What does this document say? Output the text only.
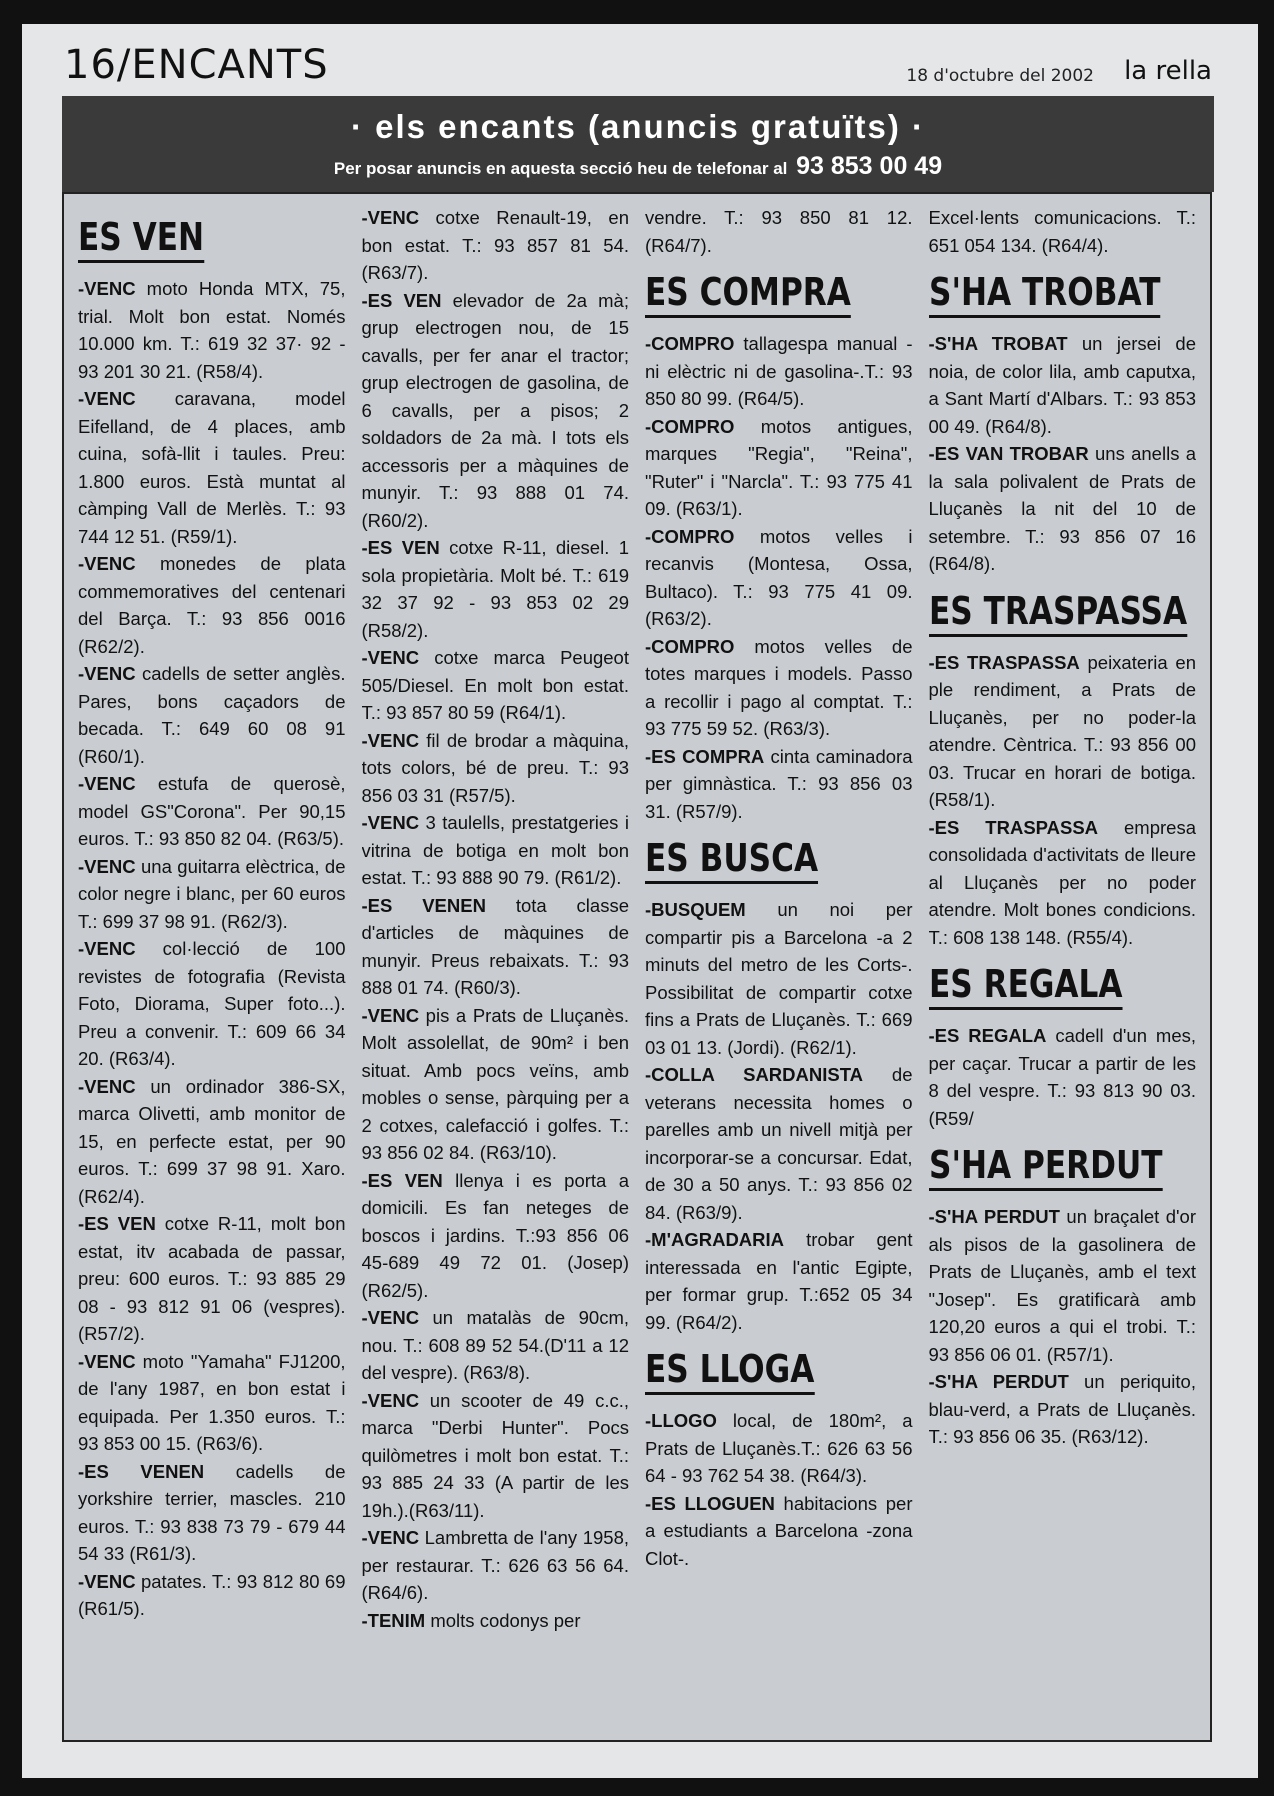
16/ENCANTS	18 d'octubre del 2002 la rella
· els encants (anuncis gratuïts) ·
Per posar anuncis en aquesta secció heu de telefonar al 93 853 00 49
ES VEN

-VENC moto Honda MTX, 75, trial. Molt bon estat. Només 10.000 km. T.: 619 32 37· 92 - 93 201 30 21. (R58/4).

-VENC caravana, model Eifelland, de 4 places, amb cuina, sofà-llit i taules. Preu: 1.800 euros. Està muntat al càmping Vall de Merlès. T.: 93 744 12 51. (R59/1).

-VENC monedes de plata commemoratives del centenari del Barça. T.: 93 856 0016 (R62/2).

-VENC cadells de setter anglès. Pares, bons caçadors de becada. T.: 649 60 08 91 (R60/1).

-VENC estufa de querosè, model GS"Corona". Per 90,15 euros. T.: 93 850 82 04. (R63/5).

-VENC una guitarra elèctrica, de color negre i blanc, per 60 euros T.: 699 37 98 91. (R62/3).

-VENC col·lecció de 100 revistes de fotografia (Revista Foto, Diorama, Super foto...). Preu a convenir. T.: 609 66 34 20. (R63/4).

-VENC un ordinador 386-SX, marca Olivetti, amb monitor de 15, en perfecte estat, per 90 euros. T.: 699 37 98 91. Xaro. (R62/4).

-ES VEN cotxe R-11, molt bon estat, itv acabada de passar, preu: 600 euros. T.: 93 885 29 08 - 93 812 91 06 (vespres). (R57/2).

-VENC moto "Yamaha" FJ1200, de l'any 1987, en bon estat i equipada. Per 1.350 euros. T.: 93 853 00 15. (R63/6).

-ES VENEN cadells de yorkshire terrier, mascles. 210 euros. T.: 93 838 73 79 - 679 44 54 33 (R61/3).

-VENC patates. T.: 93 812 80 69 (R61/5).

-VENC cotxe Renault-19, en bon estat. T.: 93 857 81 54. (R63/7).

-ES VEN elevador de 2a mà; grup electrogen nou, de 15 cavalls, per fer anar el tractor; grup electrogen de gasolina, de 6 cavalls, per a pisos; 2 soldadors de 2a mà. I tots els accessoris per a màquines de munyir. T.: 93 888 01 74. (R60/2).

-ES VEN cotxe R-11, diesel. 1 sola propietària. Molt bé. T.: 619 32 37 92 - 93 853 02 29 (R58/2).

-VENC cotxe marca Peugeot 505/Diesel. En molt bon estat. T.: 93 857 80 59 (R64/1).

-VENC fil de brodar a màquina, tots colors, bé de preu. T.: 93 856 03 31 (R57/5).

-VENC 3 taulells, prestatgeries i vitrina de botiga en molt bon estat. T.: 93 888 90 79. (R61/2).

-ES VENEN tota classe d'articles de màquines de munyir. Preus rebaixats. T.: 93 888 01 74. (R60/3).

-VENC pis a Prats de Lluçanès. Molt assolellat, de 90m² i ben situat. Amb pocs veïns, amb mobles o sense, pàrquing per a 2 cotxes, calefacció i golfes. T.: 93 856 02 84. (R63/10).

-ES VEN llenya i es porta a domicili. Es fan neteges de boscos i jardins. T.:93 856 06 45-689 49 72 01. (Josep) (R62/5).

-VENC un matalàs de 90cm, nou. T.: 608 89 52 54.(D'11 a 12 del vespre). (R63/8).

-VENC un scooter de 49 c.c., marca "Derbi Hunter". Pocs quilòmetres i molt bon estat. T.: 93 885 24 33 (A partir de les 19h.).(R63/11).

-VENC Lambretta de l'any 1958, per restaurar. T.: 626 63 56 64. (R64/6).

-TENIM molts codonys per

vendre. T.: 93 850 81 12. (R64/7).

ES COMPRA

-COMPRO tallagespa manual -ni elèctric ni de gasolina-.T.: 93 850 80 99. (R64/5).

-COMPRO motos antigues, marques "Regia", "Reina", "Ruter" i "Narcla". T.: 93 775 41 09. (R63/1).

-COMPRO motos velles i recanvis (Montesa, Ossa, Bultaco). T.: 93 775 41 09.(R63/2).

-COMPRO motos velles de totes marques i models. Passo a recollir i pago al comptat. T.: 93 775 59 52. (R63/3).

-ES COMPRA cinta caminadora per gimnàstica. T.: 93 856 03 31. (R57/9).

ES BUSCA

-BUSQUEM un noi per compartir pis a Barcelona -a 2 minuts del metro de les Corts-. Possibilitat de compartir cotxe fins a Prats de Lluçanès. T.: 669 03 01 13. (Jordi). (R62/1).

-COLLA SARDANISTA de veterans necessita homes o parelles amb un nivell mitjà per incorporar-se a concursar. Edat, de 30 a 50 anys. T.: 93 856 02 84. (R63/9).

-M'AGRADARIA trobar gent interessada en l'antic Egipte, per formar grup. T.:652 05 34 99. (R64/2).

ES LLOGA

-LLOGO local, de 180m², a Prats de Lluçanès.T.: 626 63 56 64 - 93 762 54 38. (R64/3).

-ES LLOGUEN habitacions per a estudiants a Barcelona -zona Clot-.

Excel·lents comunicacions. T.: 651 054 134. (R64/4).

S'HA TROBAT

-S'HA TROBAT un jersei de noia, de color lila, amb caputxa, a Sant Martí d'Albars. T.: 93 853 00 49. (R64/8).

-ES VAN TROBAR uns anells a la sala polivalent de Prats de Lluçanès la nit del 10 de setembre. T.: 93 856 07 16 (R64/8).

ES TRASPASSA

-ES TRASPASSA peixateria en ple rendiment, a Prats de Lluçanès, per no poder-la atendre. Cèntrica. T.: 93 856 00 03. Trucar en horari de botiga. (R58/1).

-ES TRASPASSA empresa consolidada d'activitats de lleure al Lluçanès per no poder atendre. Molt bones condicions. T.: 608 138 148. (R55/4).

ES REGALA

-ES REGALA cadell d'un mes, per caçar. Trucar a partir de les 8 del vespre. T.: 93 813 90 03. (R59/

S'HA PERDUT

-S'HA PERDUT un braçalet d'or als pisos de la gasolinera de Prats de Lluçanès, amb el text "Josep". Es gratificarà amb 120,20 euros a qui el trobi. T.: 93 856 06 01. (R57/1).

-S'HA PERDUT un periquito, blau-verd, a Prats de Lluçanès. T.: 93 856 06 35. (R63/12).
